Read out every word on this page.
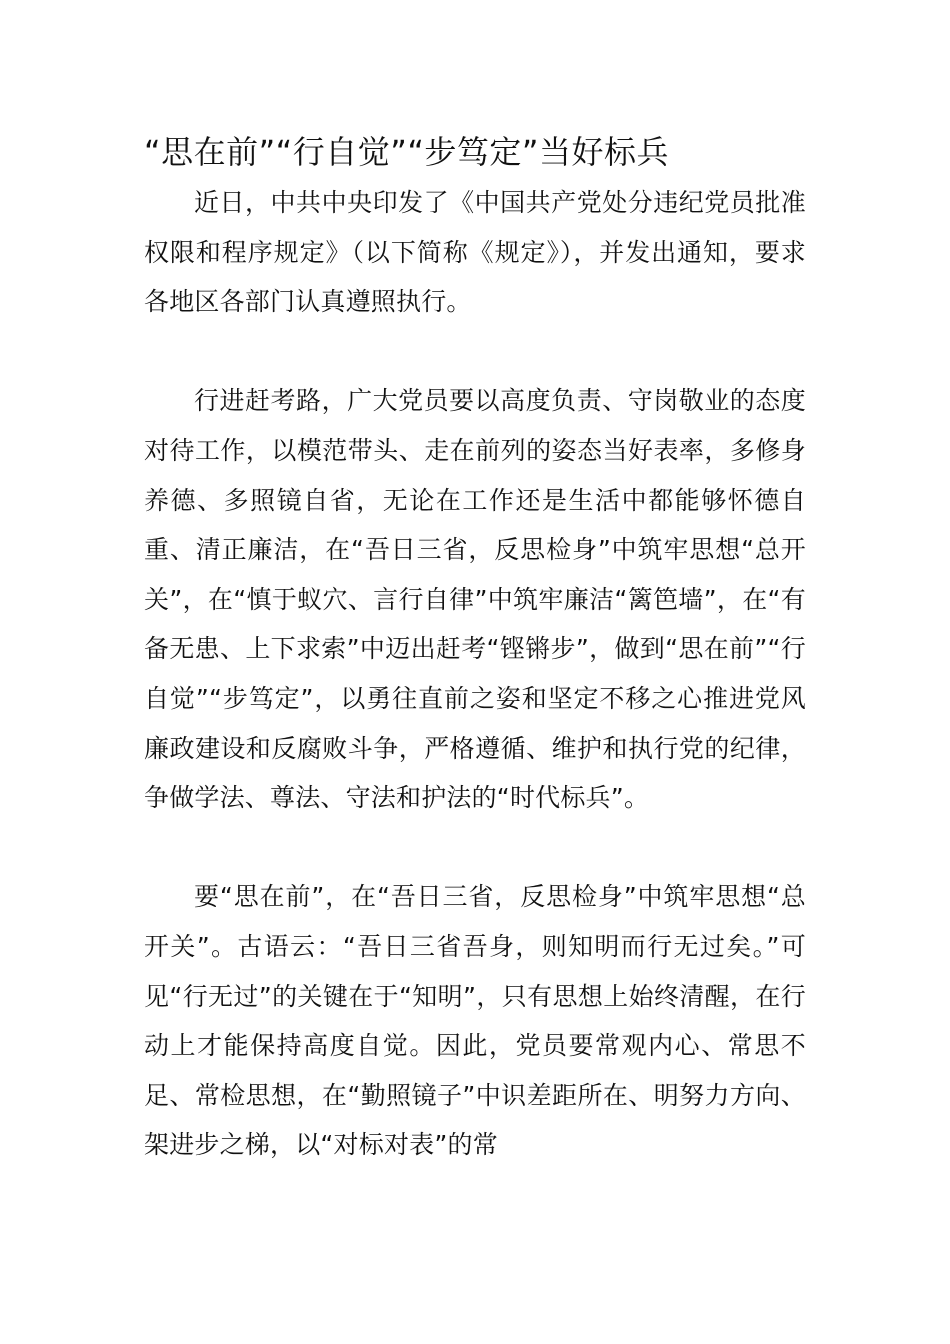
“思在前”“行自觉”“步笃定”当好标兵

近日，中共中央印发了《中国共产党处分违纪党员批准权限和程序规定》（以下简称《规定》），并发出通知，要求各地区各部门认真遵照执行。

行进赶考路，广大党员要以高度负责、守岗敬业的态度对待工作，以模范带头、走在前列的姿态当好表率，多修身养德、多照镜自省，无论在工作还是生活中都能够怀德自重、清正廉洁，在“吾日三省，反思检身”中筑牢思想“总开关”，在“慎于蚁穴、言行自律”中筑牢廉洁“篱笆墙”，在“有备无患、上下求索”中迈出赶考“铿锵步”，做到“思在前”“行自觉”“步笃定”，以勇往直前之姿和坚定不移之心推进党风廉政建设和反腐败斗争，严格遵循、维护和执行党的纪律，争做学法、尊法、守法和护法的“时代标兵”。

要“思在前”，在“吾日三省，反思检身”中筑牢思想“总开关”。古语云：“吾日三省吾身，则知明而行无过矣。”可见“行无过”的关键在于“知明”，只有思想上始终清醒，在行动上才能保持高度自觉。因此，党员要常观内心、常思不足、常检思想，在“勤照镜子”中识差距所在、明努力方向、架进步之梯，以“对标对表”的常
